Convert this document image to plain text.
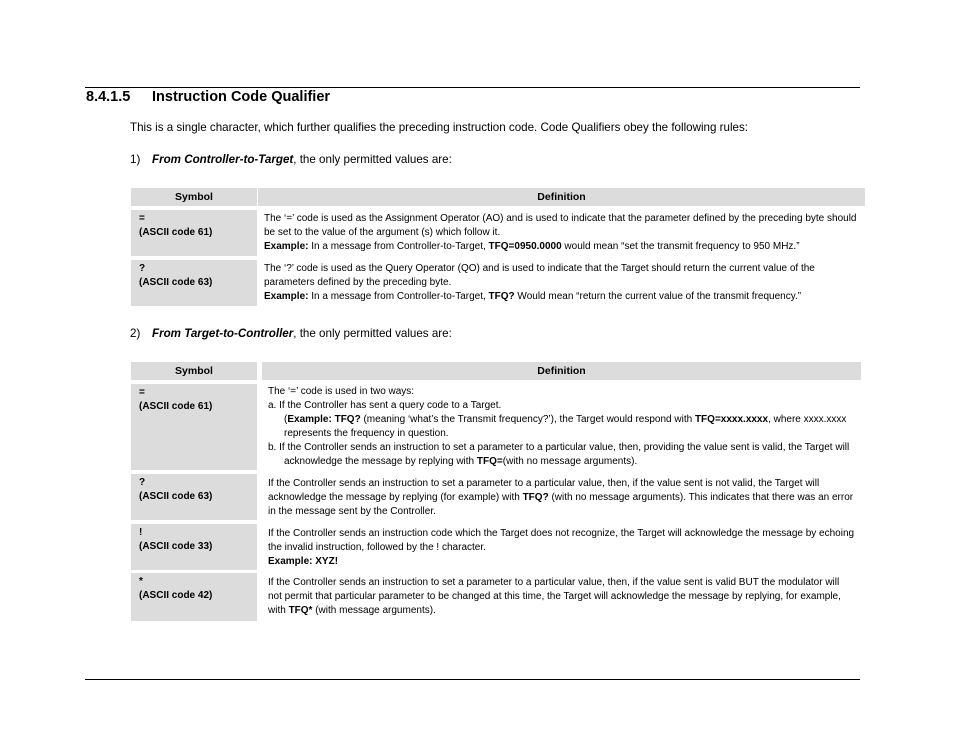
8.4.1.5 Instruction Code Qualifier
This is a single character, which further qualifies the preceding instruction code. Code Qualifiers obey the following rules:
1) From Controller-to-Target, the only permitted values are:
Symbol	Definition
=
(ASCII code 61)
The ‘=’ code is used as the Assignment Operator (AO) and is used to indicate that the parameter defined by the preceding byte should be set to the value of the argument (s) which follow it.
Example: In a message from Controller-to-Target, TFQ=0950.0000 would mean “set the transmit frequency to 950 MHz.”
?
(ASCII code 63)
The ‘?’ code is used as the Query Operator (QO) and is used to indicate that the Target should return the current value of the parameters defined by the preceding byte.
Example: In a message from Controller-to-Target, TFQ? Would mean “return the current value of the transmit frequency.”
2) From Target-to-Controller, the only permitted values are:
Symbol	Definition
=
(ASCII code 61)
The ‘=’ code is used in two ways:
a. If the Controller has sent a query code to a Target.
(Example: TFQ? (meaning ‘what’s the Transmit frequency?’), the Target would respond with TFQ=xxxx.xxxx, where xxxx.xxxx represents the frequency in question.
b. If the Controller sends an instruction to set a parameter to a particular value, then, providing the value sent is valid, the Target will acknowledge the message by replying with TFQ=(with no message arguments).
?
(ASCII code 63)
If the Controller sends an instruction to set a parameter to a particular value, then, if the value sent is not valid, the Target will acknowledge the message by replying (for example) with TFQ? (with no message arguments). This indicates that there was an error in the message sent by the Controller.
!
(ASCII code 33)
If the Controller sends an instruction code which the Target does not recognize, the Target will acknowledge the message by echoing the invalid instruction, followed by the ! character.
Example: XYZ!
*
(ASCII code 42)
If the Controller sends an instruction to set a parameter to a particular value, then, if the value sent is valid BUT the modulator will not permit that particular parameter to be changed at this time, the Target will acknowledge the message by replying, for example, with TFQ* (with message arguments).
